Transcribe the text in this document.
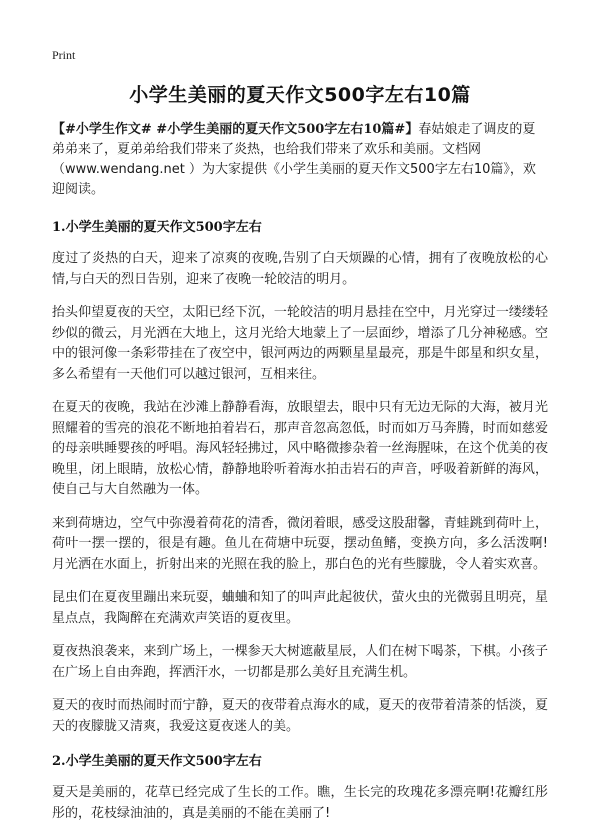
Print
小学生美丽的夏天作文500字左右10篇

【#小学生作文# #小学生美丽的夏天作文500字左右10篇#】春姑娘走了调皮的夏弟弟来了，夏弟弟给我们带来了炎热，也给我们带来了欢乐和美丽。文档网（www.wendang.net ）为大家提供《小学生美丽的夏天作文500字左右10篇》，欢迎阅读。

1.小学生美丽的夏天作文500字左右

度过了炎热的白天，迎来了凉爽的夜晚,告别了白天烦躁的心情，拥有了夜晚放松的心情,与白天的烈日告别，迎来了夜晚一轮皎洁的明月。

抬头仰望夏夜的天空，太阳已经下沉，一轮皎洁的明月悬挂在空中，月光穿过一缕缕轻纱似的微云，月光洒在大地上，这月光给大地蒙上了一层面纱，增添了几分神秘感。空中的银河像一条彩带挂在了夜空中，银河两边的两颗星星最亮，那是牛郎星和织女星，多么希望有一天他们可以越过银河，互相来往。

在夏天的夜晚，我站在沙滩上静静看海，放眼望去，眼中只有无边无际的大海，被月光照耀着的雪亮的浪花不断地拍着岩石，那声音忽高忽低，时而如万马奔腾，时而如慈爱的母亲哄睡婴孩的呼唱。海风轻轻拂过，风中略微掺杂着一丝海腥味，在这个优美的夜晚里，闭上眼睛，放松心情，静静地聆听着海水拍击岩石的声音，呼吸着新鲜的海风，使自己与大自然融为一体。

来到荷塘边，空气中弥漫着荷花的清香，微闭着眼，感受这股甜馨，青蛙跳到荷叶上，荷叶一摆一摆的，很是有趣。鱼儿在荷塘中玩耍，摆动鱼鳍，变换方向，多么活泼啊!月光洒在水面上，折射出来的光照在我的脸上，那白色的光有些朦胧，令人着实欢喜。

昆虫们在夏夜里蹦出来玩耍，蛐蛐和知了的叫声此起彼伏，萤火虫的光微弱且明亮，星星点点，我陶醉在充满欢声笑语的夏夜里。

夏夜热浪袭来，来到广场上，一棵参天大树遮蔽星辰，人们在树下喝茶，下棋。小孩子在广场上自由奔跑，挥洒汗水，一切都是那么美好且充满生机。

夏天的夜时而热闹时而宁静，夏天的夜带着点海水的咸，夏天的夜带着清茶的恬淡，夏天的夜朦胧又清爽，我爱这夏夜迷人的美。

2.小学生美丽的夏天作文500字左右

夏天是美丽的，花草已经完成了生长的工作。瞧，生长完的玫瑰花多漂亮啊!花瓣红彤彤的，花枝绿油油的，真是美丽的不能在美丽了!
